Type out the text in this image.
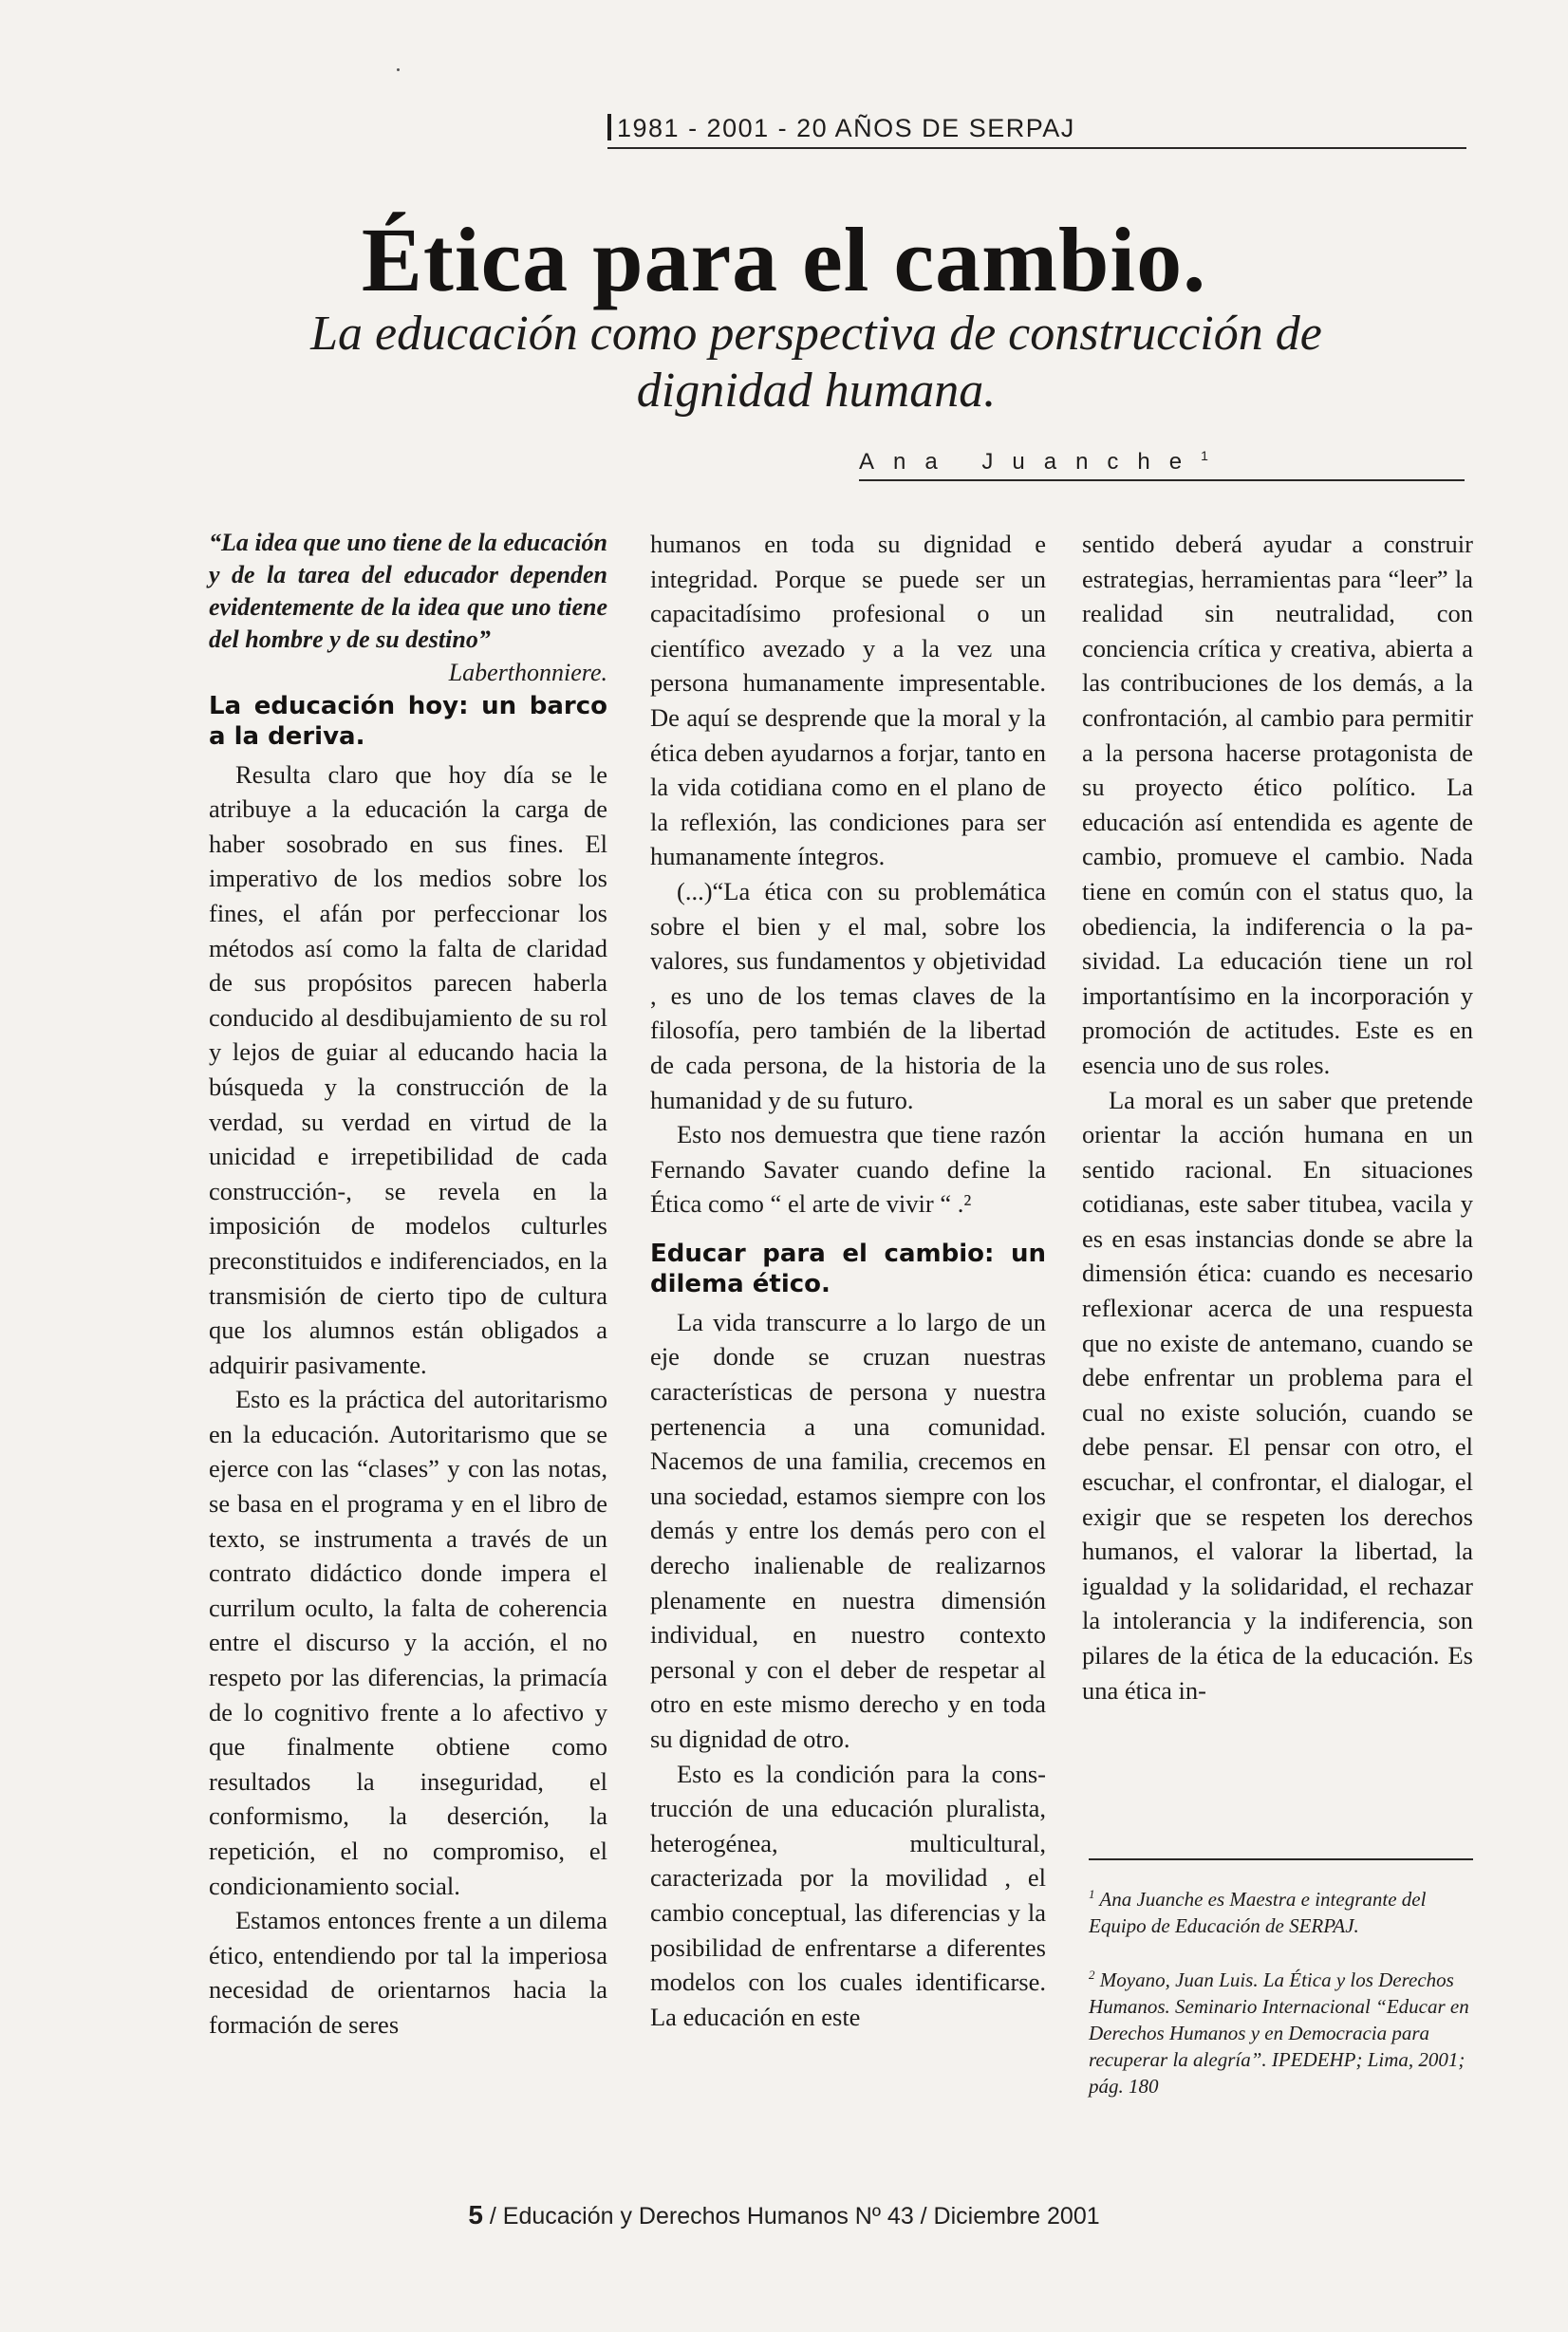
1981 - 2001 - 20 AÑOS DE SERPAJ
Ética para el cambio.

La educación como perspectiva de construcción de dignidad humana.

Ana Juanche$^1$

“La idea que uno tiene de la educación y de la tarea del educador dependen evidentemente de la idea que uno tiene del hombre y de su destino”

Laberthonniere.

La educación hoy: un barco a la deriva.

Resulta claro que hoy día se le atribuye a la educación la carga de haber sosobrado en sus fines. El imperativo de los medios sobre los fines, el afán por perfeccionar los métodos así como la falta de claridad de sus propósitos parecen haberla conducido al desdibujamiento de su rol y lejos de guiar al educando hacia la búsqueda y la construcción de la verdad, su verdad en virtud de la unicidad e irrepetibilidad de cada construcción-, se revela en la imposición de modelos culturles preconstituidos e indiferenciados, en la transmisión de cierto tipo de cultura que los alumnos están obligados a adquirir pasivamente.

Esto es la práctica del autoritarismo en la educación. Autoritarismo que se ejerce con las “clases” y con las notas, se basa en el programa y en el libro de texto, se instrumenta a través de un contrato didáctico donde impera el currilum oculto, la falta de coherencia entre el discurso y la acción, el no respeto por las diferencias, la primacía de lo cognitivo frente a lo afectivo y que finalmente obtiene como resultados la inseguridad, el conformismo, la deserción, la repetición, el no compromiso, el condicionamiento social.

Estamos entonces frente a un dilema ético, entendiendo por tal la imperiosa necesidad de orientarnos hacia la formación de seres

humanos en toda su dignidad e integridad. Porque se puede ser un capacitadísimo profesional o un científico avezado y a la vez una persona humanamente impresentable. De aquí se desprende que la moral y la ética deben ayudarnos a forjar, tanto en la vida cotidiana como en el plano de la reflexión, las condiciones para ser humanamente íntegros.

(...)“La ética con su problemática sobre el bien y el mal, sobre los valores, sus fundamentos y objetividad , es uno de los temas claves de la filosofía, pero también de la libertad de cada persona, de la historia de la humanidad y de su futuro.

Esto nos demuestra que tiene razón Fernando Savater cuando define la Ética como “ el arte de vivir “ .²

Educar para el cambio: un dilema ético.

La vida transcurre a lo largo de un eje donde se cruzan nuestras características de persona y nuestra pertenencia a una comunidad. Nacemos de una familia, crecemos en una sociedad, estamos siempre con los demás y entre los demás pero con el derecho inalienable de realizarnos plenamente en nuestra dimensión individual, en nuestro contexto personal y con el deber de respetar al otro en este mismo derecho y en toda su dignidad de otro.

Esto es la condición para la construcción de una educación pluralista, heterogénea, multicultural, caracterizada por la movilidad , el cambio conceptual, las diferencias y la posibilidad de enfrentarse a diferentes modelos con los cuales identificarse. La educación en este

sentido deberá ayudar a construir estrategias, herramientas para “leer” la realidad sin neutralidad, con conciencia crítica y creativa, abierta a las contribuciones de los demás, a la confrontación, al cambio para permitir a la persona hacerse protagonista de su proyecto ético político. La educación así entendida es agente de cambio, promueve el cambio. Nada tiene en común con el status quo, la obediencia, la indiferencia o la pasividad. La educación tiene un rol importantísimo en la incorporación y promoción de actitudes. Este es en esencia uno de sus roles.

La moral es un saber que pretende orientar la acción humana en un sentido racional. En situaciones cotidianas, este saber titubea, vacila y es en esas instancias donde se abre la dimensión ética: cuando es necesario reflexionar acerca de una respuesta que no existe de antemano, cuando se debe enfrentar un problema para el cual no existe solución, cuando se debe pensar. El pensar con otro, el escuchar, el confrontar, el dialogar, el exigir que se respeten los derechos humanos, el valorar la libertad, la igualdad y la solidaridad, el rechazar la intolerancia y la indiferencia, son pilares de la ética de la educación. Es una ética in-

$^1$ Ana Juanche es Maestra e integrante del Equipo de Educación de SERPAJ.

$^2$ Moyano, Juan Luis. La Ética y los Derechos Humanos. Seminario Internacional “Educar en Derechos Humanos y en Democracia para recuperar la alegría”. IPEDEHP; Lima, 2001; pág. 180

5 / Educación y Derechos Humanos Nº 43 / Diciembre 2001
